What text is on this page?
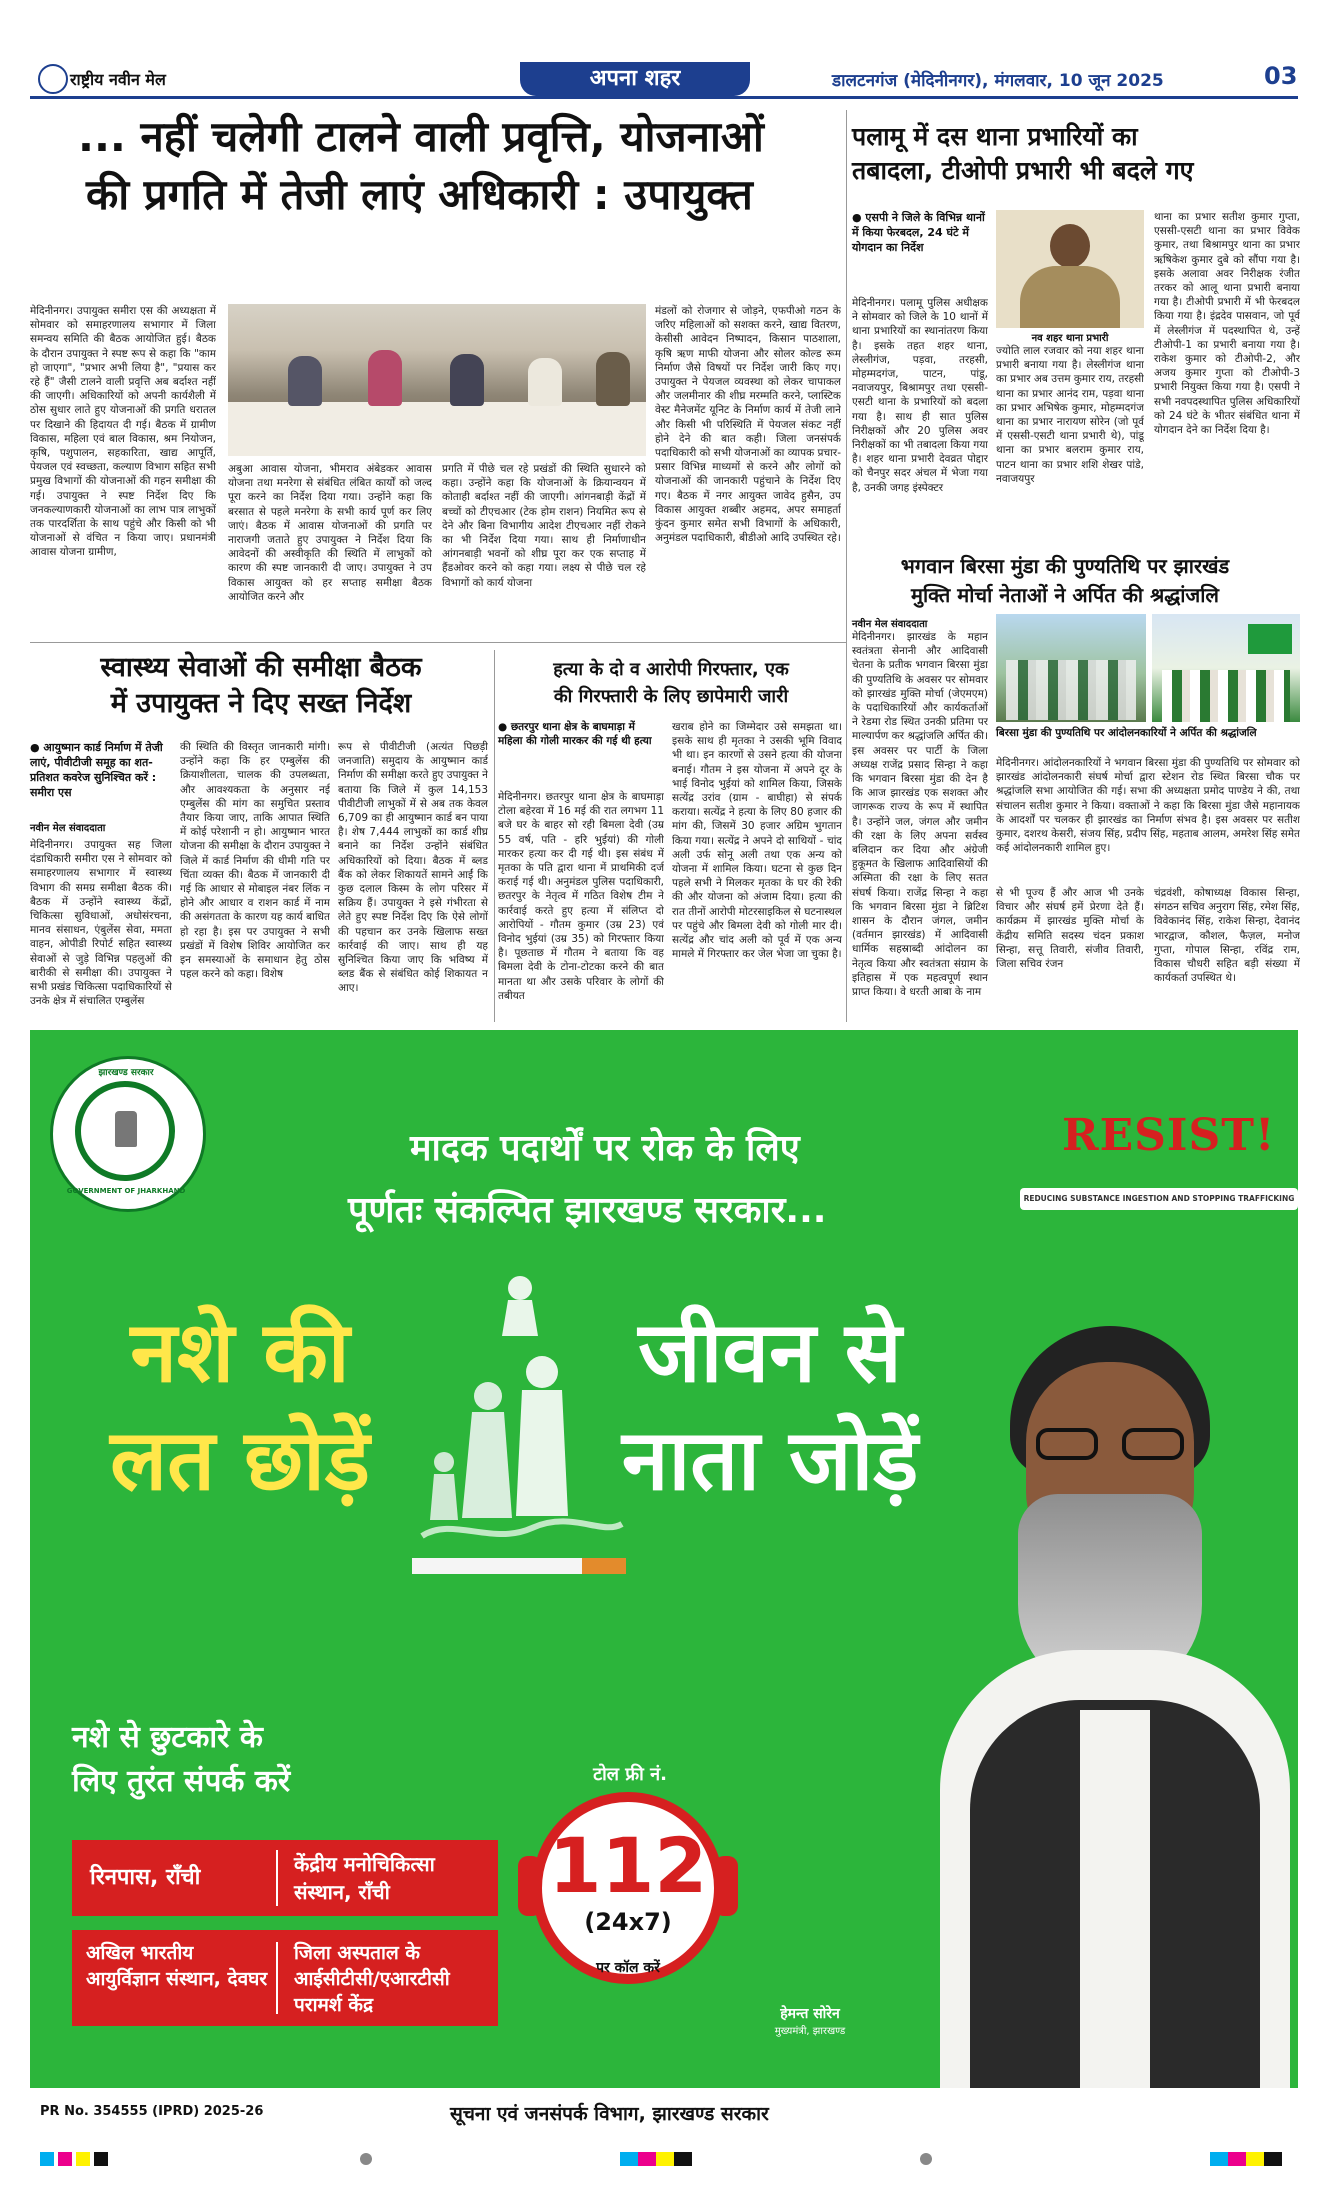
राष्ट्रीय नवीन मेल	अपना शहर	डालटनगंज (मेदिनीनगर), मंगलवार, 10 जून 2025	03
... नहीं चलेगी टालने वाली प्रवृत्ति, योजनाओं
की प्रगति में तेजी लाएं अधिकारी : उपायुक्त
मेदिनीनगर। उपायुक्त समीरा एस की अध्यक्षता में सोमवार को समाहरणालय सभागार में जिला समन्वय समिति की बैठक आयोजित हुई। बैठक के दौरान उपायुक्त ने स्पष्ट रूप से कहा कि "काम हो जाएगा", "प्रभार अभी लिया है", "प्रयास कर रहे हैं" जैसी टालने वाली प्रवृत्ति अब बर्दाश्त नहीं की जाएगी। अधिकारियों को अपनी कार्यशैली में ठोस सुधार लाते हुए योजनाओं की प्रगति धरातल पर दिखाने की हिदायत दी गई। बैठक में ग्रामीण विकास, महिला एवं बाल विकास, श्रम नियोजन, कृषि, पशुपालन, सहकारिता, खाद्य आपूर्ति, पेयजल एवं स्वच्छता, कल्याण विभाग सहित सभी प्रमुख विभागों की योजनाओं की गहन समीक्षा की गई। उपायुक्त ने स्पष्ट निर्देश दिए कि जनकल्याणकारी योजनाओं का लाभ पात्र लाभुकों तक पारदर्शिता के साथ पहुंचे और किसी को भी योजनाओं से वंचित न किया जाए। प्रधानमंत्री आवास योजना ग्रामीण,
अबुआ आवास योजना, भीमराव अंबेडकर आवास योजना तथा मनरेगा से संबंधित लंबित कार्यों को जल्द पूरा करने का निर्देश दिया गया। उन्होंने कहा कि बरसात से पहले मनरेगा के सभी कार्य पूर्ण कर लिए जाएं। बैठक में आवास योजनाओं की प्रगति पर नाराजगी जताते हुए उपायुक्त ने निर्देश दिया कि आवेदनों की अस्वीकृति की स्थिति में लाभुकों को कारण की स्पष्ट जानकारी दी जाए। उपायुक्त ने उप विकास आयुक्त को हर सप्ताह समीक्षा बैठक आयोजित करने और
प्रगति में पीछे चल रहे प्रखंडों की स्थिति सुधारने को कहा। उन्होंने कहा कि योजनाओं के क्रियान्वयन में कोताही बर्दाश्त नहीं की जाएगी। आंगनबाड़ी केंद्रों में बच्चों को टीएचआर (टेक होम राशन) नियमित रूप से देने और बिना विभागीय आदेश टीएचआर नहीं रोकने का भी निर्देश दिया गया। साथ ही निर्माणाधीन आंगनबाड़ी भवनों को शीघ्र पूरा कर एक सप्ताह में हैंडओवर करने को कहा गया। लक्ष्य से पीछे चल रहे विभागों को कार्य योजना
मंडलों को रोजगार से जोड़ने, एफपीओ गठन के जरिए महिलाओं को सशक्त करने, खाद्य वितरण, केसीसी आवेदन निष्पादन, किसान पाठशाला, कृषि ऋण माफी योजना और सोलर कोल्ड रूम निर्माण जैसे विषयों पर निर्देश जारी किए गए। उपायुक्त ने पेयजल व्यवस्था को लेकर चापाकल और जलमीनार की शीघ्र मरम्मति करने, प्लास्टिक वेस्ट मैनेजमेंट यूनिट के निर्माण कार्य में तेजी लाने और किसी भी परिस्थिति में पेयजल संकट नहीं होने देने की बात कही। जिला जनसंपर्क पदाधिकारी को सभी योजनाओं का व्यापक प्रचार-प्रसार विभिन्न माध्यमों से करने और लोगों को योजनाओं की जानकारी पहुंचाने के निर्देश दिए गए। बैठक में नगर आयुक्त जावेद हुसैन, उप विकास आयुक्त शब्बीर अहमद, अपर समाहर्ता कुंदन कुमार समेत सभी विभागों के अधिकारी, अनुमंडल पदाधिकारी, बीडीओ आदि उपस्थित रहे।
पलामू में दस थाना प्रभारियों का
तबादला, टीओपी प्रभारी भी बदले गए
● एसपी ने जिले के विभिन्न थानों में किया फेरबदल, 24 घंटे में योगदान का निर्देश
मेदिनीनगर। पलामू पुलिस अधीक्षक ने सोमवार को जिले के 10 थानों में थाना प्रभारियों का स्थानांतरण किया है। इसके तहत शहर थाना, लेस्लीगंज, पड़वा, तरहसी, मोहम्मदगंज, पाटन, पांडू, नवाजयपुर, बिश्रामपुर तथा एससी-एसटी थाना के प्रभारियों को बदला गया है। साथ ही सात पुलिस निरीक्षकों और 20 पुलिस अवर निरीक्षकों का भी तबादला किया गया है। शहर थाना प्रभारी देवव्रत पोद्दार को चैनपुर सदर अंचल में भेजा गया है, उनकी जगह इंस्पेक्टर
नव शहर थाना प्रभारी
ज्योति लाल रजवार को नया शहर थाना प्रभारी बनाया गया है। लेस्लीगंज थाना का प्रभार अब उत्तम कुमार राय, तरहसी थाना का प्रभार आनंद राम, पड़वा थाना का प्रभार अभिषेक कुमार, मोहम्मदगंज थाना का प्रभार नारायण सोरेन (जो पूर्व में एससी-एसटी थाना प्रभारी थे), पांडू थाना का प्रभार बलराम कुमार राय, पाटन थाना का प्रभार शशि शेखर पांडे, नवाजयपुर
थाना का प्रभार सतीश कुमार गुप्ता, एससी-एसटी थाना का प्रभार विवेक कुमार, तथा बिश्रामपुर थाना का प्रभार ऋषिकेश कुमार दुबे को सौंपा गया है। इसके अलावा अवर निरीक्षक रंजीत तरकर को आलू थाना प्रभारी बनाया गया है। टीओपी प्रभारी में भी फेरबदल किया गया है। इंद्रदेव पासवान, जो पूर्व में लेस्लीगंज में पदस्थापित थे, उन्हें टीओपी-1 का प्रभारी बनाया गया है। राकेश कुमार को टीओपी-2, और अजय कुमार गुप्ता को टीओपी-3 प्रभारी नियुक्त किया गया है। एसपी ने सभी नवपदस्थापित पुलिस अधिकारियों को 24 घंटे के भीतर संबंधित थाना में योगदान देने का निर्देश दिया है।
भगवान बिरसा मुंडा की पुण्यतिथि पर झारखंड
मुक्ति मोर्चा नेताओं ने अर्पित की श्रद्धांजलि
नवीन मेल संवाददाता
मेदिनीनगर। झारखंड के महान स्वतंत्रता सेनानी और आदिवासी चेतना के प्रतीक भगवान बिरसा मुंडा की पुण्यतिथि के अवसर पर सोमवार को झारखंड मुक्ति मोर्चा (जेएमएम) के पदाधिकारियों और कार्यकर्ताओं ने रेडमा रोड स्थित उनकी प्रतिमा पर माल्यार्पण कर श्रद्धांजलि अर्पित की। इस अवसर पर पार्टी के जिला अध्यक्ष राजेंद्र प्रसाद सिन्हा ने कहा कि भगवान बिरसा मुंडा की देन है कि आज झारखंड एक सशक्त और जागरूक राज्य के रूप में स्थापित है। उन्होंने जल, जंगल और जमीन की रक्षा के लिए अपना सर्वस्व बलिदान कर दिया और अंग्रेजी हुकूमत के खिलाफ आदिवासियों की अस्मिता की रक्षा के लिए सतत संघर्ष किया। राजेंद्र सिन्हा ने कहा कि भगवान बिरसा मुंडा ने ब्रिटिश शासन के दौरान जंगल, जमीन (वर्तमान झारखंड) में आदिवासी धार्मिक सहस्राब्दी आंदोलन का नेतृत्व किया और स्वतंत्रता संग्राम के इतिहास में एक महत्वपूर्ण स्थान प्राप्त किया। वे धरती आबा के नाम
बिरसा मुंडा की पुण्यतिथि पर आंदोलनकारियों ने अर्पित की श्रद्धांजलि
मेदिनीनगर। आंदोलनकारियों ने भगवान बिरसा मुंडा की पुण्यतिथि पर सोमवार को झारखंड आंदोलनकारी संघर्ष मोर्चा द्वारा स्टेशन रोड स्थित बिरसा चौक पर श्रद्धांजलि सभा आयोजित की गई। सभा की अध्यक्षता प्रमोद पाण्डेय ने की, तथा संचालन सतीश कुमार ने किया। वक्ताओं ने कहा कि बिरसा मुंडा जैसे महानायक के आदर्शों पर चलकर ही झारखंड का निर्माण संभव है। इस अवसर पर सतीश कुमार, दशरथ केसरी, संजय सिंह, प्रदीप सिंह, महताब आलम, अमरेश सिंह समेत कई आंदोलनकारी शामिल हुए।
से भी पूज्य हैं और आज भी उनके विचार और संघर्ष हमें प्रेरणा देते हैं। कार्यक्रम में झारखंड मुक्ति मोर्चा के केंद्रीय समिति सदस्य चंदन प्रकाश सिन्हा, सत्तू तिवारी, संजीव तिवारी, जिला सचिव रंजन
चंद्रवंशी, कोषाध्यक्ष विकास सिन्हा, संगठन सचिव अनुराग सिंह, रमेश सिंह, विवेकानंद सिंह, राकेश सिन्हा, देवानंद भारद्वाज, कौशल, फैज़ल, मनोज गुप्ता, गोपाल सिन्हा, रविंद्र राम, विकास चौधरी सहित बड़ी संख्या में कार्यकर्ता उपस्थित थे।
स्वास्थ्य सेवाओं की समीक्षा बैठक
में उपायुक्त ने दिए सख्त निर्देश
● आयुष्मान कार्ड निर्माण में तेजी लाएं, पीवीटीजी समूह का शत-प्रतिशत कवरेज सुनिश्चित करें : समीरा एस
नवीन मेल संवाददाता
मेदिनीनगर। उपायुक्त सह जिला दंडाधिकारी समीरा एस ने सोमवार को समाहरणालय सभागार में स्वास्थ्य विभाग की समग्र समीक्षा बैठक की। बैठक में उन्होंने स्वास्थ्य केंद्रों, चिकित्सा सुविधाओं, अधोसंरचना, मानव संसाधन, एंबुलेंस सेवा, ममता वाहन, ओपीडी रिपोर्ट सहित स्वास्थ्य सेवाओं से जुड़े विभिन्न पहलुओं की बारीकी से समीक्षा की। उपायुक्त ने सभी प्रखंड चिकित्सा पदाधिकारियों से उनके क्षेत्र में संचालित एम्बुलेंस
की स्थिति की विस्तृत जानकारी मांगी। उन्होंने कहा कि हर एम्बुलेंस की क्रियाशीलता, चालक की उपलब्धता, और आवश्यकता के अनुसार नई एम्बुलेंस की मांग का समुचित प्रस्ताव तैयार किया जाए, ताकि आपात स्थिति में कोई परेशानी न हो। आयुष्मान भारत योजना की समीक्षा के दौरान उपायुक्त ने जिले में कार्ड निर्माण की धीमी गति पर चिंता व्यक्त की। बैठक में जानकारी दी गई कि आधार से मोबाइल नंबर लिंक न होने और आधार व राशन कार्ड में नाम की असंगतता के कारण यह कार्य बाधित हो रहा है। इस पर उपायुक्त ने सभी प्रखंडों में विशेष शिविर आयोजित कर इन समस्याओं के समाधान हेतु ठोस पहल करने को कहा। विशेष
रूप से पीवीटीजी (अत्यंत पिछड़ी जनजाति) समुदाय के आयुष्मान कार्ड निर्माण की समीक्षा करते हुए उपायुक्त ने बताया कि जिले में कुल 14,153 पीवीटीजी लाभुकों में से अब तक केवल 6,709 का ही आयुष्मान कार्ड बन पाया है। शेष 7,444 लाभुकों का कार्ड शीघ्र बनाने का निर्देश उन्होंने संबंधित अधिकारियों को दिया। बैठक में ब्लड बैंक को लेकर शिकायतें सामने आईं कि कुछ दलाल किस्म के लोग परिसर में सक्रिय हैं। उपायुक्त ने इसे गंभीरता से लेते हुए स्पष्ट निर्देश दिए कि ऐसे लोगों की पहचान कर उनके खिलाफ सख्त कार्रवाई की जाए। साथ ही यह सुनिश्चित किया जाए कि भविष्य में ब्लड बैंक से संबंधित कोई शिकायत न आए।
हत्या के दो व आरोपी गिरफ्तार, एक
की गिरफ्तारी के लिए छापेमारी जारी
● छतरपुर थाना क्षेत्र के बाघमाड़ा में महिला की गोली मारकर की गई थी हत्या
मेदिनीनगर। छतरपुर थाना क्षेत्र के बाघमाड़ा टोला बहेरवा में 16 मई की रात लगभग 11 बजे घर के बाहर सो रही बिमला देवी (उम्र 55 वर्ष, पति - हरि भुईयां) की गोली मारकर हत्या कर दी गई थी। इस संबंध में मृतका के पति द्वारा थाना में प्राथमिकी दर्ज कराई गई थी। अनुमंडल पुलिस पदाधिकारी, छतरपुर के नेतृत्व में गठित विशेष टीम ने कार्रवाई करते हुए हत्या में संलिप्त दो आरोपियों - गौतम कुमार (उम्र 23) एवं विनोद भुईयां (उम्र 35) को गिरफ्तार किया है। पूछताछ में गौतम ने बताया कि वह बिमला देवी के टोना-टोटका करने की बात मानता था और उसके परिवार के लोगों की तबीयत
खराब होने का जिम्मेदार उसे समझता था। इसके साथ ही मृतका ने उसकी भूमि विवाद भी था। इन कारणों से उसने हत्या की योजना बनाई। गौतम ने इस योजना में अपने दूर के भाई विनोद भुईयां को शामिल किया, जिसके सत्येंद्र उरांव (ग्राम - बाघीहा) से संपर्क कराया। सत्येंद्र ने हत्या के लिए 80 हजार की मांग की, जिसमें 30 हजार अग्रिम भुगतान किया गया। सत्येंद्र ने अपने दो साथियों - चांद अली उर्फ सोनू अली तथा एक अन्य को योजना में शामिल किया। घटना से कुछ दिन पहले सभी ने मिलकर मृतका के घर की रेकी की और योजना को अंजाम दिया। हत्या की रात तीनों आरोपी मोटरसाइकिल से घटनास्थल पर पहुंचे और बिमला देवी को गोली मार दी। सत्येंद्र और चांद अली को पूर्व में एक अन्य मामले में गिरफ्तार कर जेल भेजा जा चुका है।
झारखण्ड सरकार
GOVERNMENT OF JHARKHAND
मादक पदार्थों पर रोक के लिए
पूर्णतः संकल्पित झारखण्ड सरकार...
RESIST!
REDUCING SUBSTANCE INGESTION AND STOPPING TRAFFICKING
नशे की
लत छोड़ें
जीवन से
नाता जोड़ें
नशे से छुटकारे के
लिए तुरंत संपर्क करें
रिनपास, राँची
केंद्रीय मनोचिकित्सा संस्थान, राँची
अखिल भारतीय आयुर्विज्ञान संस्थान, देवघर
जिला अस्पताल के आईसीटीसी/एआरटीसी परामर्श केंद्र
टोल फ्री नं.
112
(24x7)
पर कॉल करें
हेमन्त सोरेन
मुख्यमंत्री, झारखण्ड
PR No. 354555 (IPRD) 2025-26	सूचना एवं जनसंपर्क विभाग, झारखण्ड सरकार
